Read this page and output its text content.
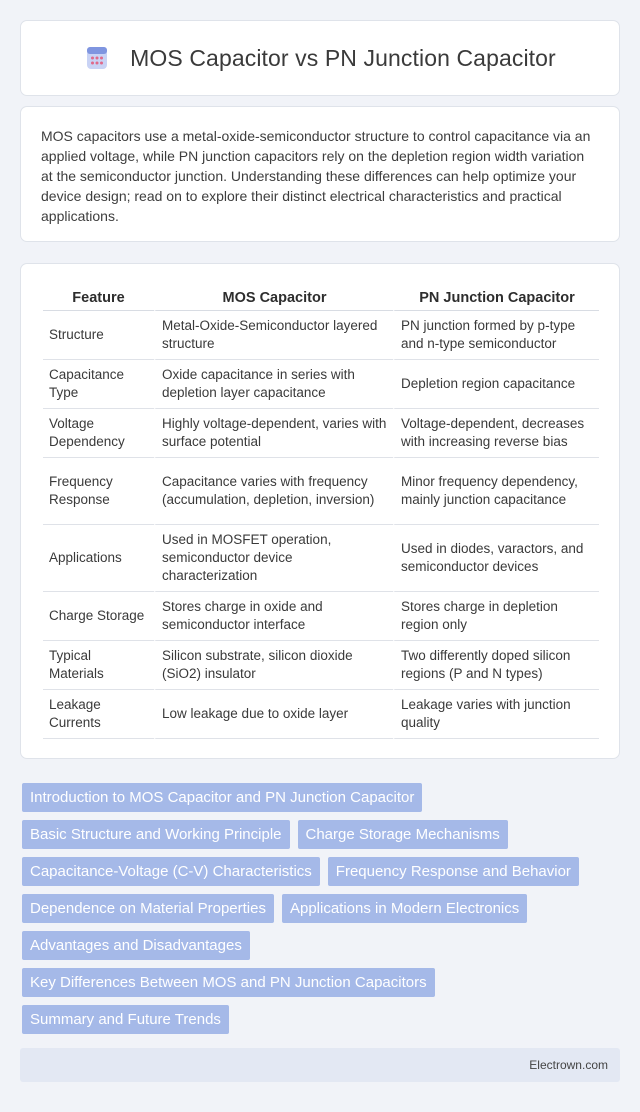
MOS Capacitor vs PN Junction Capacitor

MOS capacitors use a metal-oxide-semiconductor structure to control capacitance via an applied voltage, while PN junction capacitors rely on the depletion region width variation at the semiconductor junction. Understanding these differences can help optimize your device design; read on to explore their distinct electrical characteristics and practical applications.

Feature	MOS Capacitor	PN Junction Capacitor
Structure	Metal-Oxide-Semiconductor layered structure	PN junction formed by p-type and n-type semiconductor
Capacitance Type	Oxide capacitance in series with depletion layer capacitance	Depletion region capacitance
Voltage Dependency	Highly voltage-dependent, varies with surface potential	Voltage-dependent, decreases with increasing reverse bias
Frequency Response	Capacitance varies with frequency (accumulation, depletion, inversion)	Minor frequency dependency, mainly junction capacitance
Applications	Used in MOSFET operation, semiconductor device characterization	Used in diodes, varactors, and semiconductor devices
Charge Storage	Stores charge in oxide and semiconductor interface	Stores charge in depletion region only
Typical Materials	Silicon substrate, silicon dioxide (SiO2) insulator	Two differently doped silicon regions (P and N types)
Leakage Currents	Low leakage due to oxide layer	Leakage varies with junction quality
Introduction to MOS Capacitor and PN Junction Capacitor
Basic Structure and Working Principle	Charge Storage Mechanisms
Capacitance-Voltage (C-V) Characteristics	Frequency Response and Behavior
Dependence on Material Properties	Applications in Modern Electronics
Advantages and Disadvantages
Key Differences Between MOS and PN Junction Capacitors
Summary and Future Trends
Electrown.com
